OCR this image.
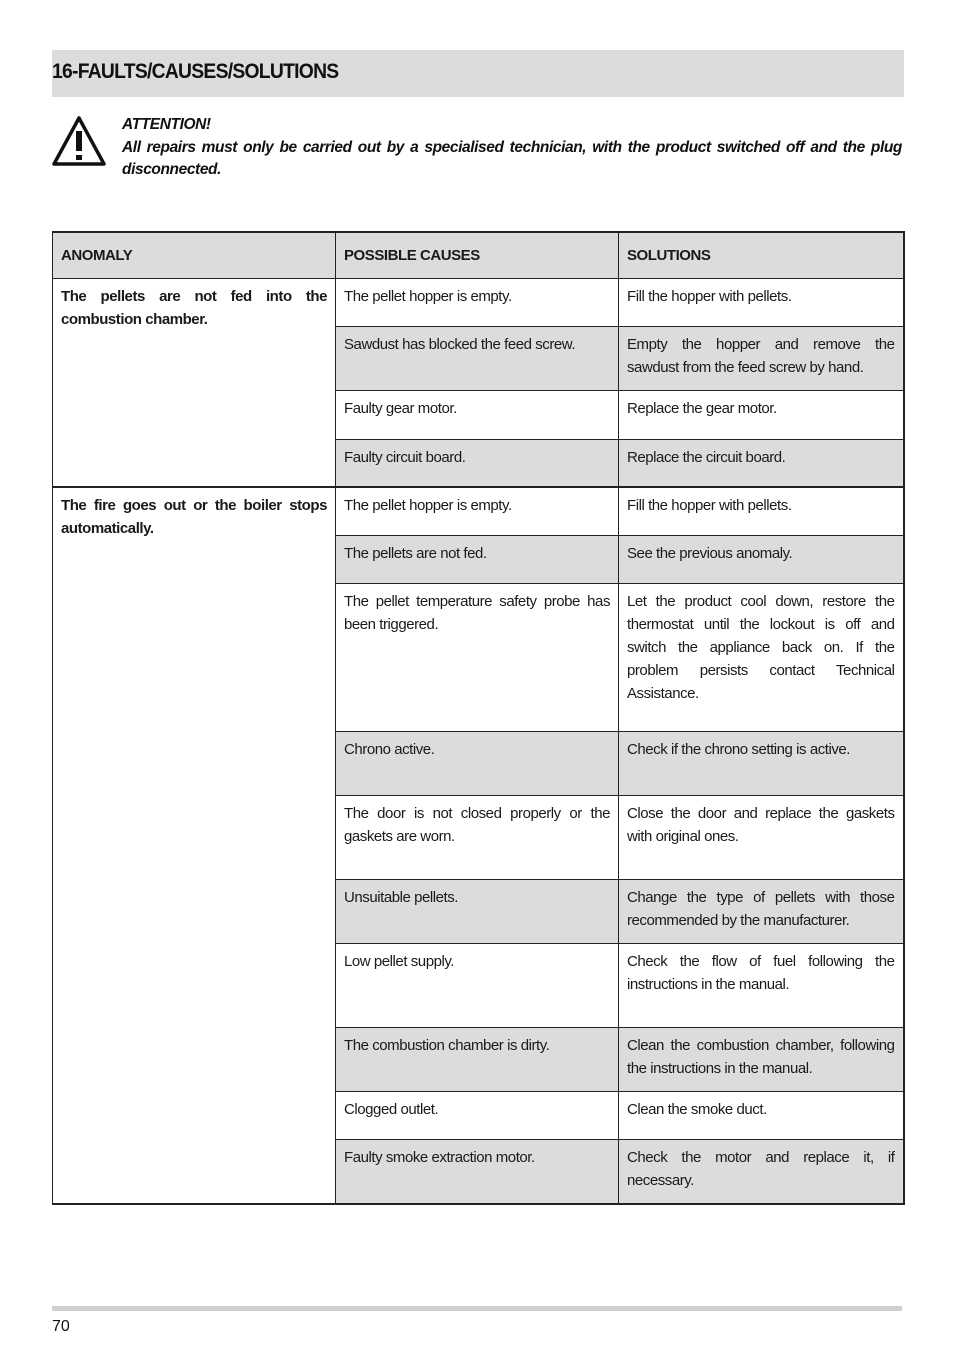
16-FAULTS/CAUSES/SOLUTIONS
ATTENTION!
All repairs must only be carried out by a specialised technician, with the product switched off and the plug disconnected.
ANOMALY	POSSIBLE CAUSES	SOLUTIONS
The pellets are not fed into the combustion chamber.	The pellet hopper is empty.	Fill the hopper with pellets.
	Sawdust has blocked the feed screw.	Empty the hopper and remove the sawdust from the feed screw by hand.
	Faulty gear motor.	Replace the gear motor.
	Faulty circuit board.	Replace the circuit board.
The fire goes out or the boiler stops automatically.	The pellet hopper is empty.	Fill the hopper with pellets.
	The pellets are not fed.	See the previous anomaly.
	The pellet temperature safety probe has been triggered.	Let the product cool down, restore the thermostat until the lockout is off and switch the appliance back on. If the problem persists contact Technical Assistance.
	Chrono active.	Check if the chrono setting is active.
	The door is not closed properly or the gaskets are worn.	Close the door and replace the gaskets with original ones.
	Unsuitable pellets.	Change the type of pellets with those recommended by the manufacturer.
	Low pellet supply.	Check the flow of fuel following the instructions in the manual.
	The combustion chamber is dirty.	Clean the combustion chamber, following the instructions in the manual.
	Clogged outlet.	Clean the smoke duct.
	Faulty smoke extraction motor.	Check the motor and replace it, if necessary.
70
